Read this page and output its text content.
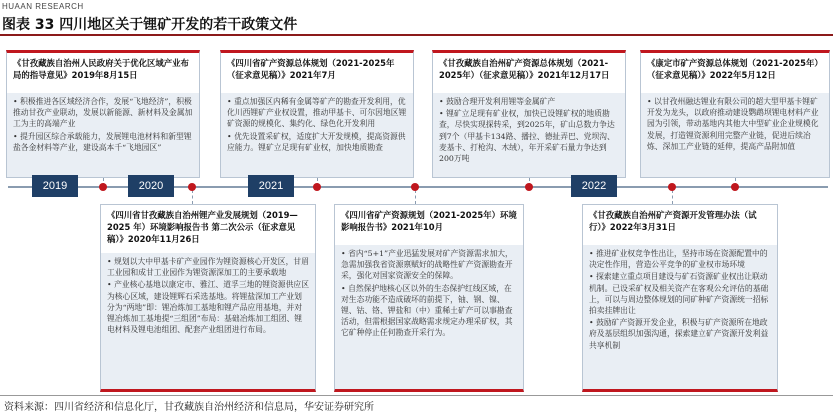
HUAAN RESEARCH
图表 33 四川地区关于锂矿开发的若干政策文件
《甘孜藏族自治州人民政府关于优化区域产业布局的指导意见》2019年8月15日

• 积极推进各区域经济合作，发展“飞地经济”，积极推动甘孜产业联动，发展以新能源、新材料及金属加工为主的高端产业

• 提升园区综合承载能力，发展锂电池材料和新型锂盐各金材料等产业，建设高本千“飞地园区”

《四川省矿产资源总体规划（2021-2025年（征求意见稿）》2021年7月

• 重点加强区内稀有金属等矿产的勘查开发利用，优化川西锂矿产业权设置，推动甲基卡、可尔因地区锂矿资源的规模化、集约化、绿色化开发利用

• 优先设置采矿权，适度扩大开发规模，提高资源供应能力。锂矿立足现有矿业权，加快地质勘查

《甘孜藏族自治州矿产资源总体规划（2021-2025年）（征求意见稿）》2021年12月17日

• 鼓励合理开发利用锂等金属矿产

• 锂矿立足现有矿业权，加快已设锂矿权的地质勘查，尽快实现探转采，到2025年，矿山总数力争达到7个（甲基卡134路、播拉、德扯弄巴、党坝沟、麦基卡、打枪沟、木绒），年开采矿石量力争达到200万吨

《康定市矿产资源总体规划（2021-2025年）（征求意见稿）》2022年5月12日

• 以甘孜州融达锂业有限公司的超大型甲基卡锂矿开发为龙头，以政府推动建设鹦鹉坝锂电材料产业园为引领，带动基地内其他大中型矿业企业规模化发展，打造锂资源利用完整产业链，促进后续冶炼、深加工产业链的延伸，提高产品附加值

2019	2020	2021	2022
《四川省甘孜藏族自治州锂产业发展规划（2019—2025 年）环境影响报告书 第二次公示（征求意见稿）》2020年11月26日

• 规划以大中甲基卡矿产业园作为锂资源核心开发区，甘眉工业园和成甘工业园作为锂资源深加工的主要承载地

• 产业核心基地以康定市、雅江、道孚三地的锂资源供应区为核心区域，建设锂辉石采选基地。将锂盐深加工产业划分为“两地”即：锂冶炼加工基地和锂产品应用基地，并对锂冶炼加工基地提“三组团”布局：基础冶炼加工组团、锂电材料及锂电池组团、配套产业组团进行布局。

《四川省矿产资源规划（2021-2025年）环境影响报告书》2021年10月

• 省内“5+1”产业迅猛发展对矿产资源需求加大，急需加强我省资源禀赋好的战略性矿产资源勘查开采，强化对国家资源安全的保障。

• 自然保护地核心区以外的生态保护红线区域，在对生态功能不造成破坏的前提下，铀、钢、镍、锂、钴、铬、钾盐和（中）重稀土矿产可以事勘查活动，但需根据国家战略需求规定办理采矿权，其它矿种停止任何勘查开采行为。

《甘孜藏族自治州矿产资源开发管理办法（试行）》2022年3月31日

• 推进矿业权竞争性出让，坚持市场在资源配置中的决定性作用，营造公平竞争的矿业权市场环境

• 探索建立重点项目建设与矿石资源矿业权出让联动机制。已设采矿权及相关资产在客观公允评估的基础上，可以与周边整体规划的同矿种矿产资源统一招标拍卖挂牌出让

• 鼓励矿产资源开发企业，积极与矿产资源所在地政府及基层组织加强沟通，探索建立矿产资源开发利益共享机制

资料来源：四川省经济和信息化厅，甘孜藏族自治州经济和信息局，华安证券研究所
